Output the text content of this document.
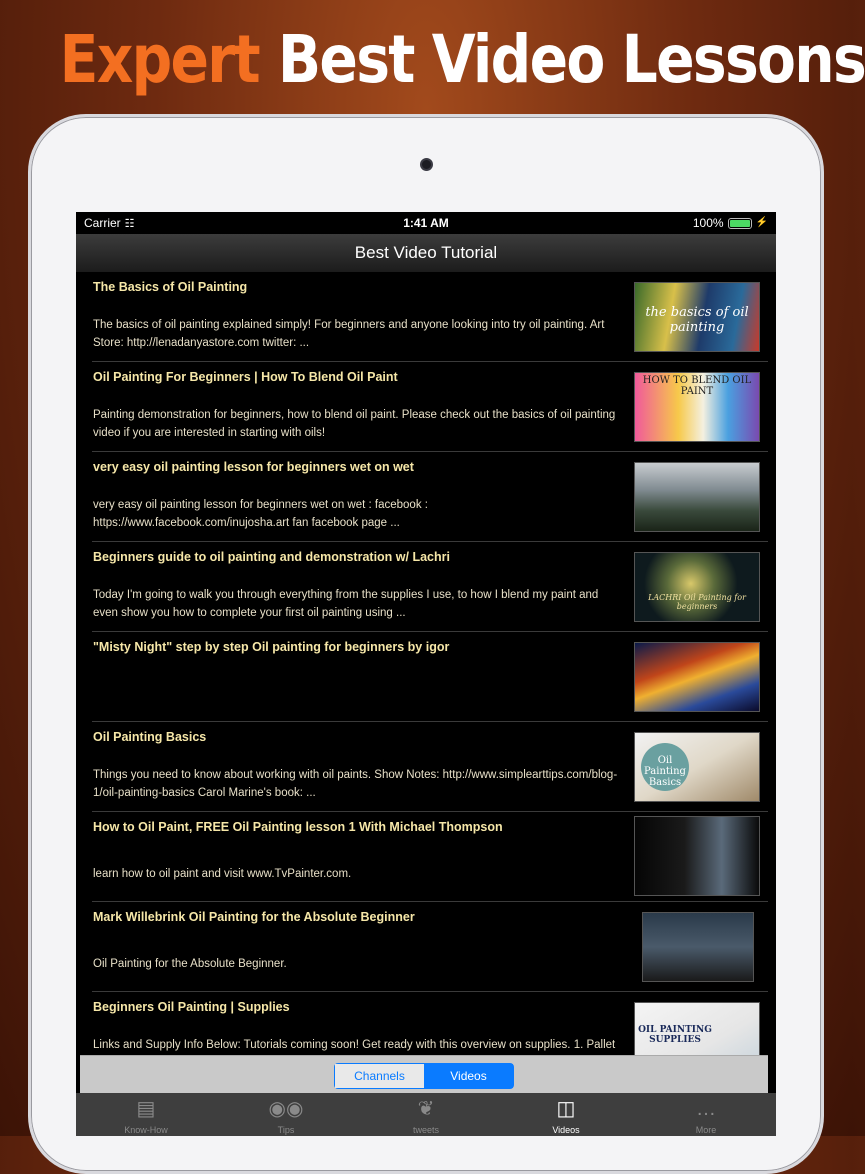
Expert Best Video Lessons
Carrier ☷	1:41 AM	100%	⚡
Best Video Tutorial
The Basics of Oil Painting
The basics of oil painting explained simply! For beginners and anyone looking into try oil painting. Art Store: http://lenadanyastore.com twitter: ...
the basics of oil painting
Oil Painting For Beginners | How To Blend Oil Paint
Painting demonstration for beginners, how to blend oil paint. Please check out the basics of oil painting video if you are interested in starting with oils!
HOW TO BLEND OIL PAINT
very easy oil painting lesson for beginners wet on wet
very easy oil painting lesson for beginners wet on wet : facebook : https://www.facebook.com/inujosha.art fan facebook page ...
Beginners guide to oil painting and demonstration w/ Lachri
Today I'm going to walk you through everything from the supplies I use, to how I blend my paint and even show you how to complete your first oil painting using ...
LACHRI Oil Painting for beginners
"Misty Night" step by step Oil painting for beginners by igor
Oil Painting Basics
Things you need to know about working with oil paints. Show Notes: http://www.simplearttips.com/blog-1/oil-painting-basics Carol Marine's book: ...
Oil Painting Basics
How to Oil Paint, FREE Oil Painting lesson 1 With Michael Thompson
learn how to oil paint and visit www.TvPainter.com.
Mark Willebrink Oil Painting for the Absolute Beginner
Oil Painting for the Absolute Beginner.
Beginners Oil Painting | Supplies
Links and Supply Info Below: Tutorials coming soon! Get ready with this overview on supplies. 1. Pallet
OIL PAINTING SUPPLIES
Channels	Videos
▤
Know-How
◉◉
Tips
❦
tweets
◫
Videos
…
More
